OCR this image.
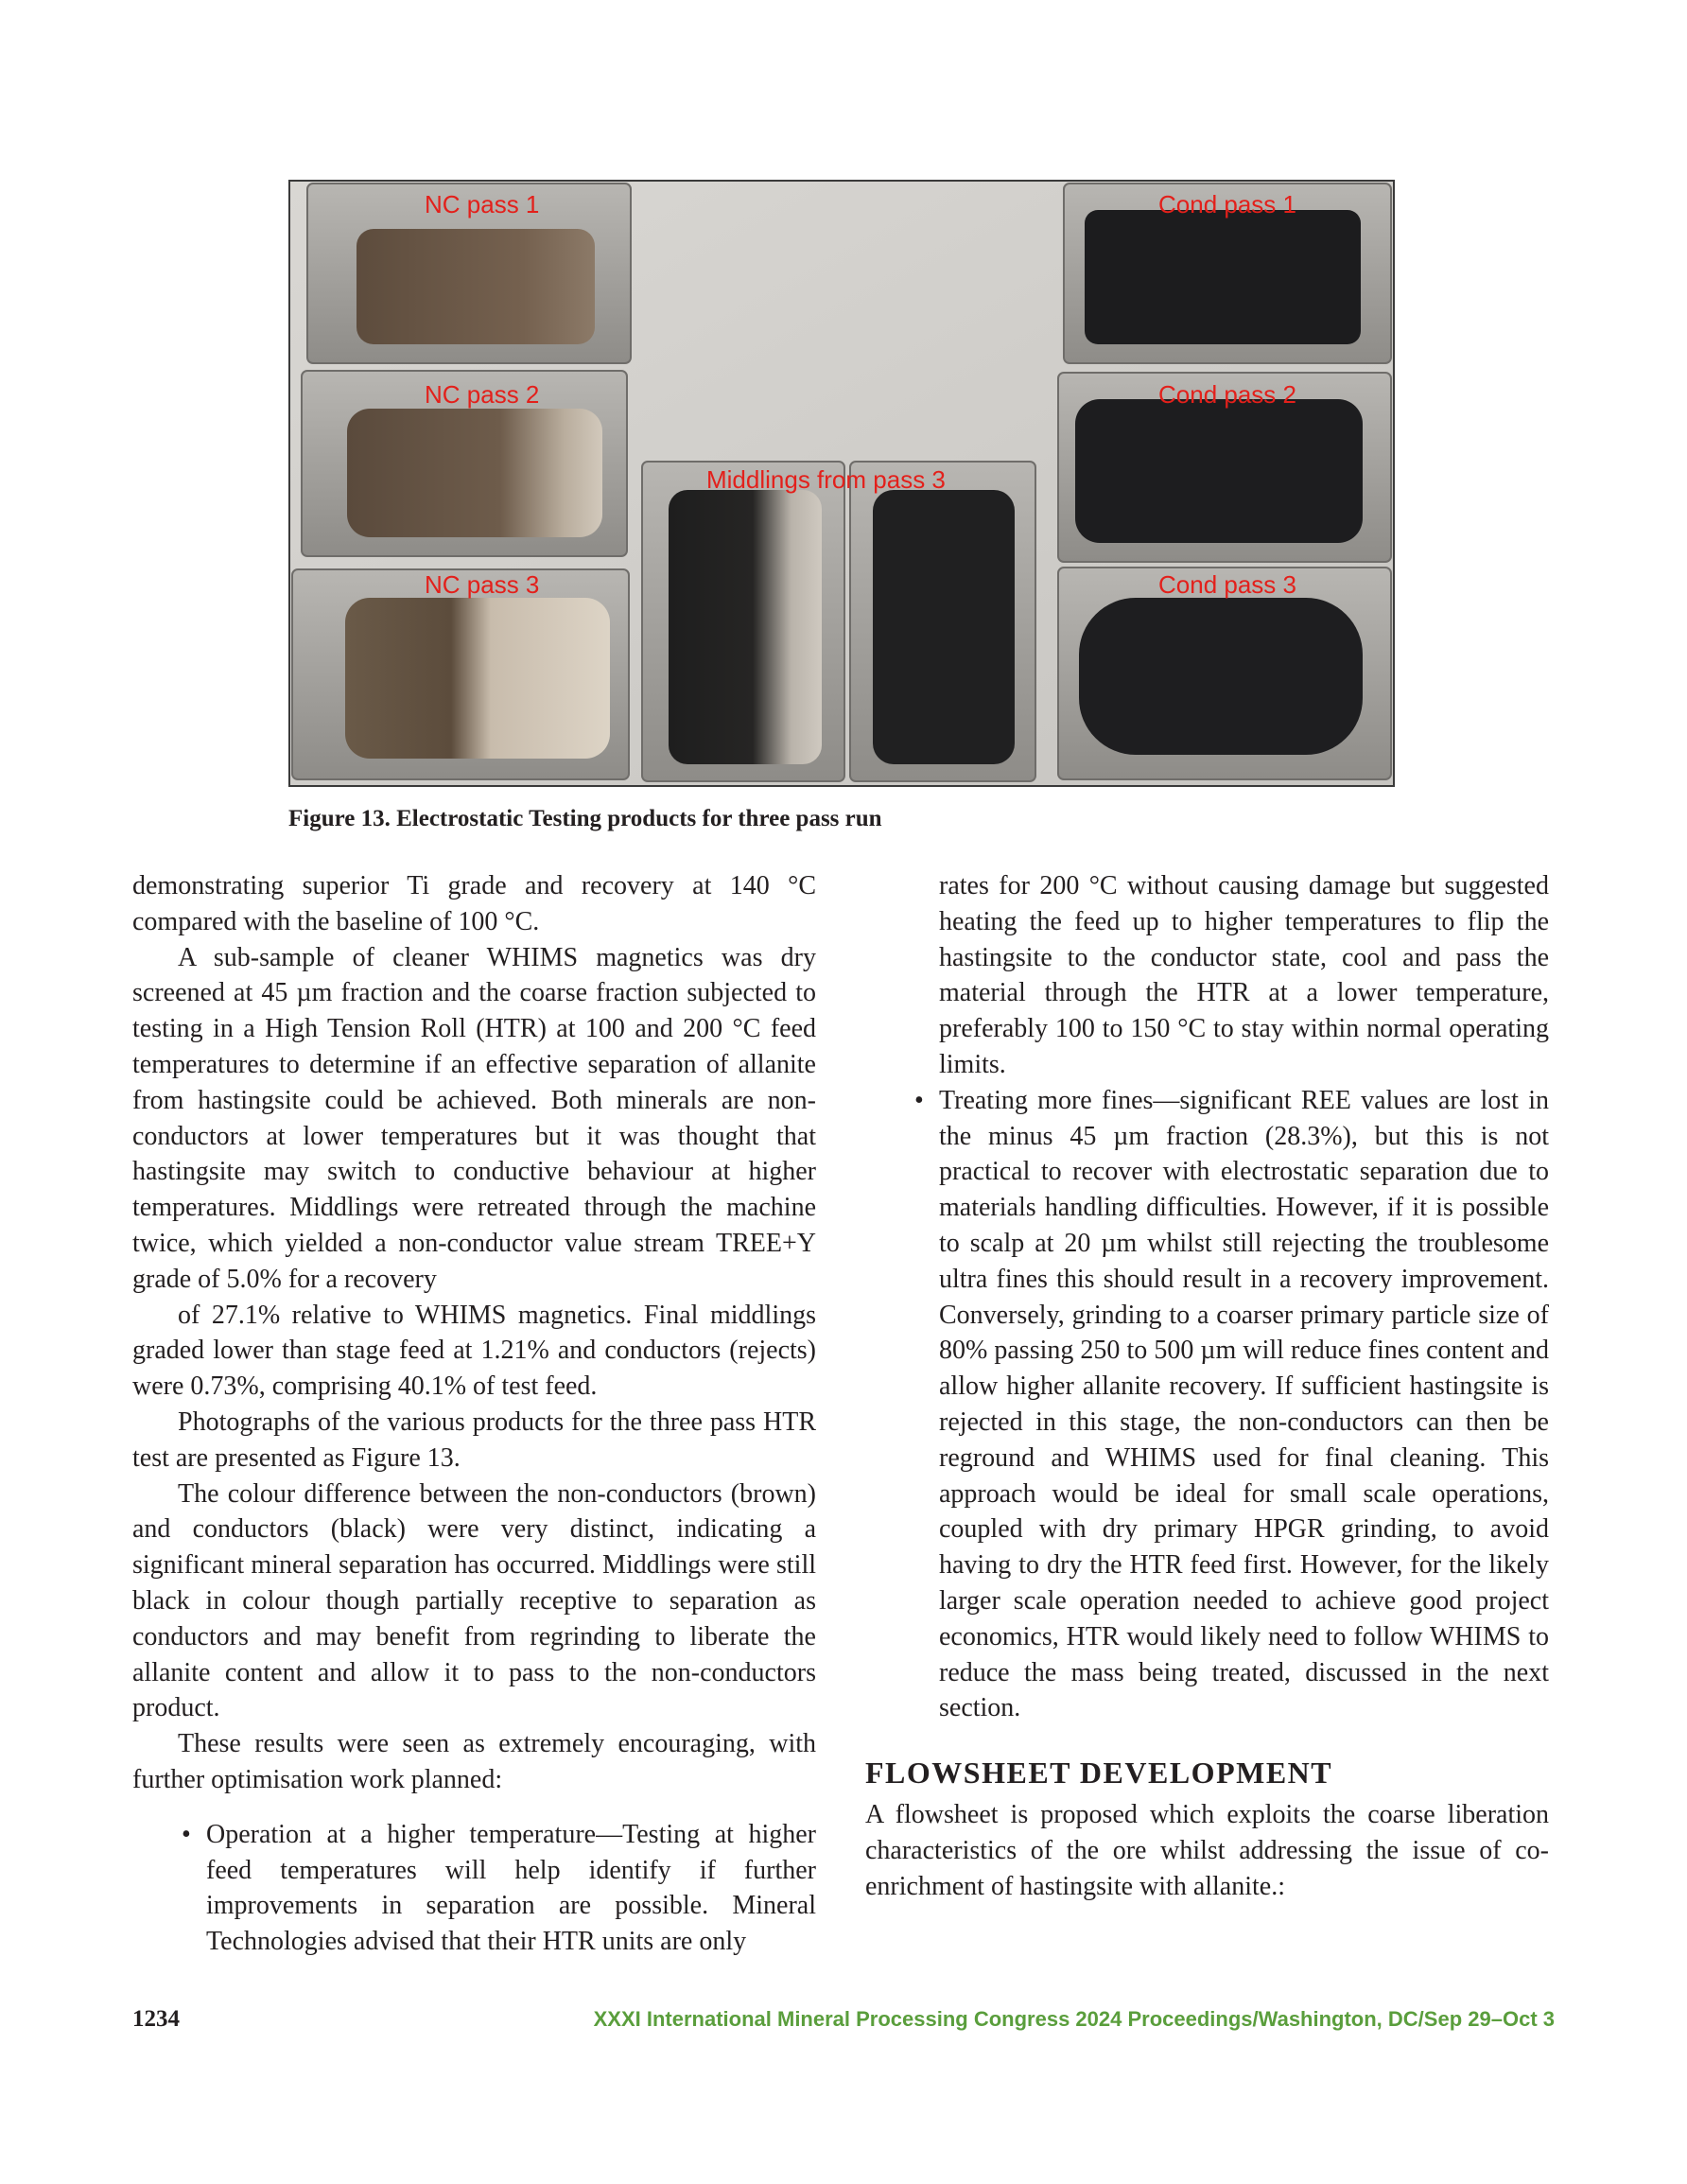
NC pass 1
NC pass 2
NC pass 3
Middlings from pass 3
Cond pass 1
Cond pass 2
Cond pass 3
Figure 13. Electrostatic Testing products for three pass run

demonstrating superior Ti grade and recovery at 140 °C compared with the baseline of 100 °C.

A sub-sample of cleaner WHIMS magnetics was dry screened at 45 µm fraction and the coarse fraction subjected to testing in a High Tension Roll (HTR) at 100 and 200 °C feed temperatures to determine if an effective separation of allanite from hastingsite could be achieved. Both minerals are non-conductors at lower temperatures but it was thought that hastingsite may switch to conductive behaviour at higher temperatures. Middlings were retreated through the machine twice, which yielded a non-conductor value stream TREE+Y grade of 5.0% for a recovery

of 27.1% relative to WHIMS magnetics. Final middlings graded lower than stage feed at 1.21% and conductors (rejects) were 0.73%, comprising 40.1% of test feed.

Photographs of the various products for the three pass HTR test are presented as Figure 13.

The colour difference between the non-conductors (brown) and conductors (black) were very distinct, indicating a significant mineral separation has occurred. Middlings were still black in colour though partially receptive to separation as conductors and may benefit from regrinding to liberate the allanite content and allow it to pass to the non-conductors product.

These results were seen as extremely encouraging, with further optimisation work planned:

• Operation at a higher temperature—Testing at higher feed temperatures will help identify if further improvements in separation are possible. Mineral Technologies advised that their HTR units are only
rates for 200 °C without causing damage but suggested heating the feed up to higher temperatures to flip the hastingsite to the conductor state, cool and pass the material through the HTR at a lower temperature, preferably 100 to 150 °C to stay within normal operating limits.
• Treating more fines—significant REE values are lost in the minus 45 µm fraction (28.3%), but this is not practical to recover with electrostatic separation due to materials handling difficulties. However, if it is possible to scalp at 20 µm whilst still rejecting the troublesome ultra fines this should result in a recovery improvement. Conversely, grinding to a coarser primary particle size of 80% passing 250 to 500 µm will reduce fines content and allow higher allanite recovery. If sufficient hastingsite is rejected in this stage, the non-conductors can then be reground and WHIMS used for final cleaning. This approach would be ideal for small scale operations, coupled with dry primary HPGR grinding, to avoid having to dry the HTR feed first. However, for the likely larger scale operation needed to achieve good project economics, HTR would likely need to follow WHIMS to reduce the mass being treated, discussed in the next section.
FLOWSHEET DEVELOPMENT

A flowsheet is proposed which exploits the coarse liberation characteristics of the ore whilst addressing the issue of co-enrichment of hastingsite with allanite.:

1234	XXXI International Mineral Processing Congress 2024 Proceedings/Washington, DC/Sep 29–Oct 3
